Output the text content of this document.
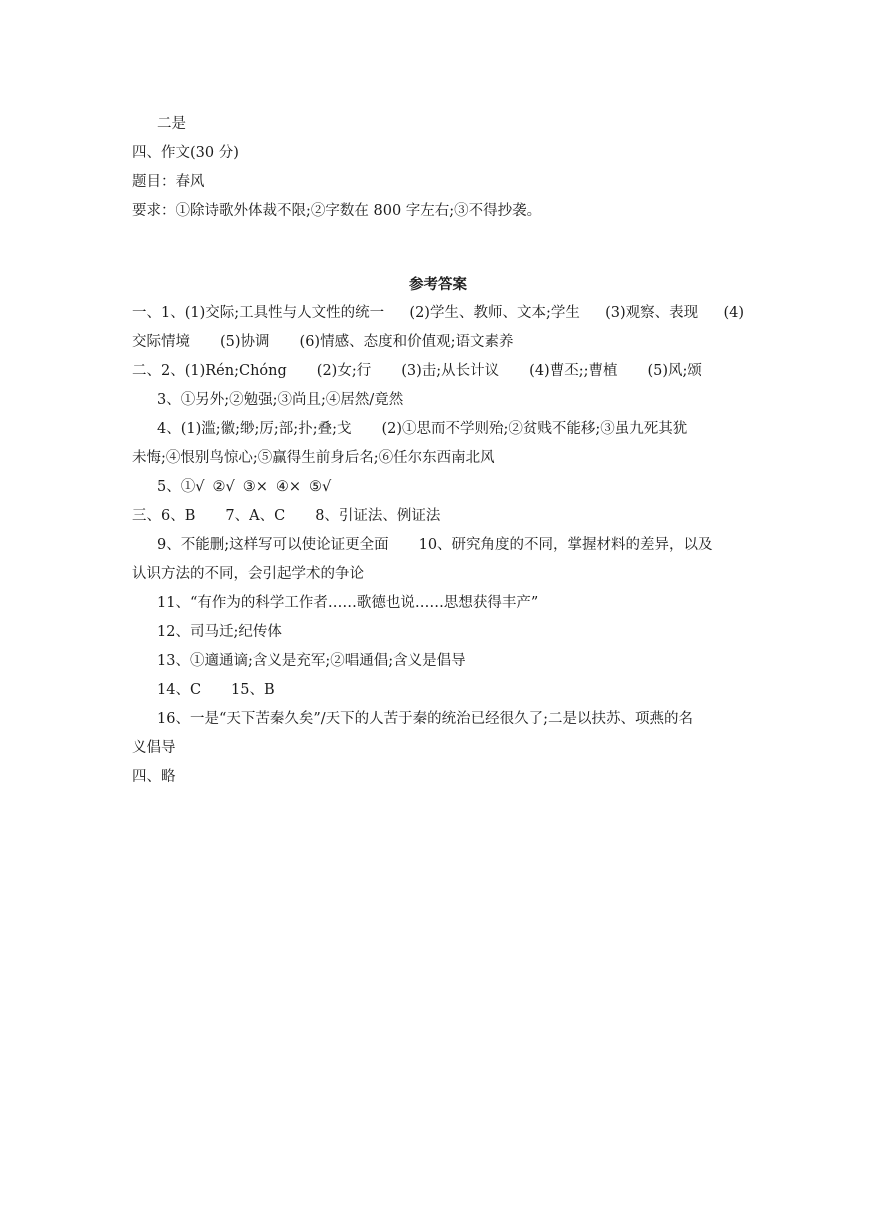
二是
四、作文(30 分)
题目：春风
要求：①除诗歌外体裁不限;②字数在 800 字左右;③不得抄袭。
参考答案
一、1、(1)交际;工具性与人文性的统一 (2)学生、教师、文本;学生 (3)观察、表现 (4)
交际情境 (5)协调 (6)情感、态度和价值观;语文素养
二、2、(1)Rén;Chóng (2)女;行 (3)击;从长计议 (4)曹丕;;曹植 (5)风;颂
3、①另外;②勉强;③尚且;④居然/竟然
4、(1)滥;徽;缈;厉;部;扑;叠;戈 (2)①思而不学则殆;②贫贱不能移;③虽九死其犹
未悔;④恨别鸟惊心;⑤赢得生前身后名;⑥任尔东西南北风
5、①√ ②√ ③× ④× ⑤√
三、6、B 7、A、C 8、引证法、例证法
9、不能删;这样写可以使论证更全面 10、研究角度的不同，掌握材料的差异，以及
认识方法的不同，会引起学术的争论
11、“有作为的科学工作者……歌德也说……思想获得丰产”
12、司马迁;纪传体
13、①適通谪;含义是充军;②唱通倡;含义是倡导
14、C 15、B
16、一是“天下苦秦久矣”/天下的人苦于秦的统治已经很久了;二是以扶苏、项燕的名
义倡导
四、略
